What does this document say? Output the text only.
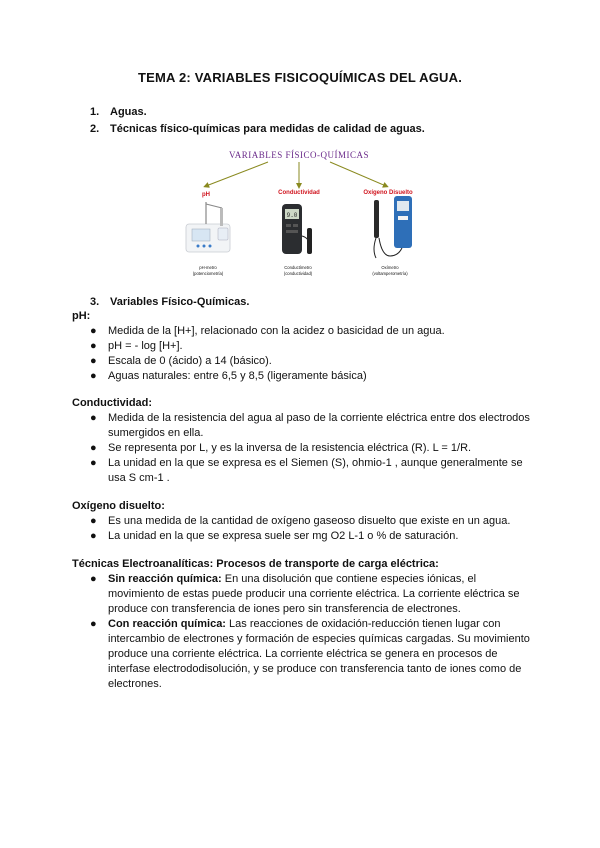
TEMA 2: VARIABLES FISICOQUÍMICAS DEL AGUA.
1. Aguas.
2. Técnicas físico-químicas para medidas de calidad de aguas.
VARIABLES FÍSICO-QUÍMICAS
pH	Conductividad	Oxígeno Disuelto
9.0
pH-metro
(potenciometría)
Conductímetro
(conductividad)
Oxímetro
(voltamperometría)
3. Variables Físico-Químicas.

pH:

● Medida de la [H+], relacionado con la acidez o basicidad de un agua.
● pH = - log [H+].
● Escala de 0 (ácido) a 14 (básico).
● Aguas naturales: entre 6,5 y 8,5 (ligeramente básica)

Conductividad:

● Medida de la resistencia del agua al paso de la corriente eléctrica entre dos electrodos sumergidos en ella.
● Se representa por L, y es la inversa de la resistencia eléctrica (R). L = 1/R.
● La unidad en la que se expresa es el Siemen (S), ohmio-1 , aunque generalmente se usa S cm-1 .

Oxígeno disuelto:

● Es una medida de la cantidad de oxígeno gaseoso disuelto que existe en un agua.
● La unidad en la que se expresa suele ser mg O2 L-1 o % de saturación.

Técnicas Electroanalíticas: Procesos de transporte de carga eléctrica:

● Sin reacción química: En una disolución que contiene especies iónicas, el movimiento de estas puede producir una corriente eléctrica. La corriente eléctrica se produce con transferencia de iones pero sin transferencia de electrones.
● Con reacción química: Las reacciones de oxidación-reducción tienen lugar con intercambio de electrones y formación de especies químicas cargadas. Su movimiento produce una corriente eléctrica. La corriente eléctrica se genera en procesos de interfase electrododisolución, y se produce con transferencia tanto de iones como de electrones.
